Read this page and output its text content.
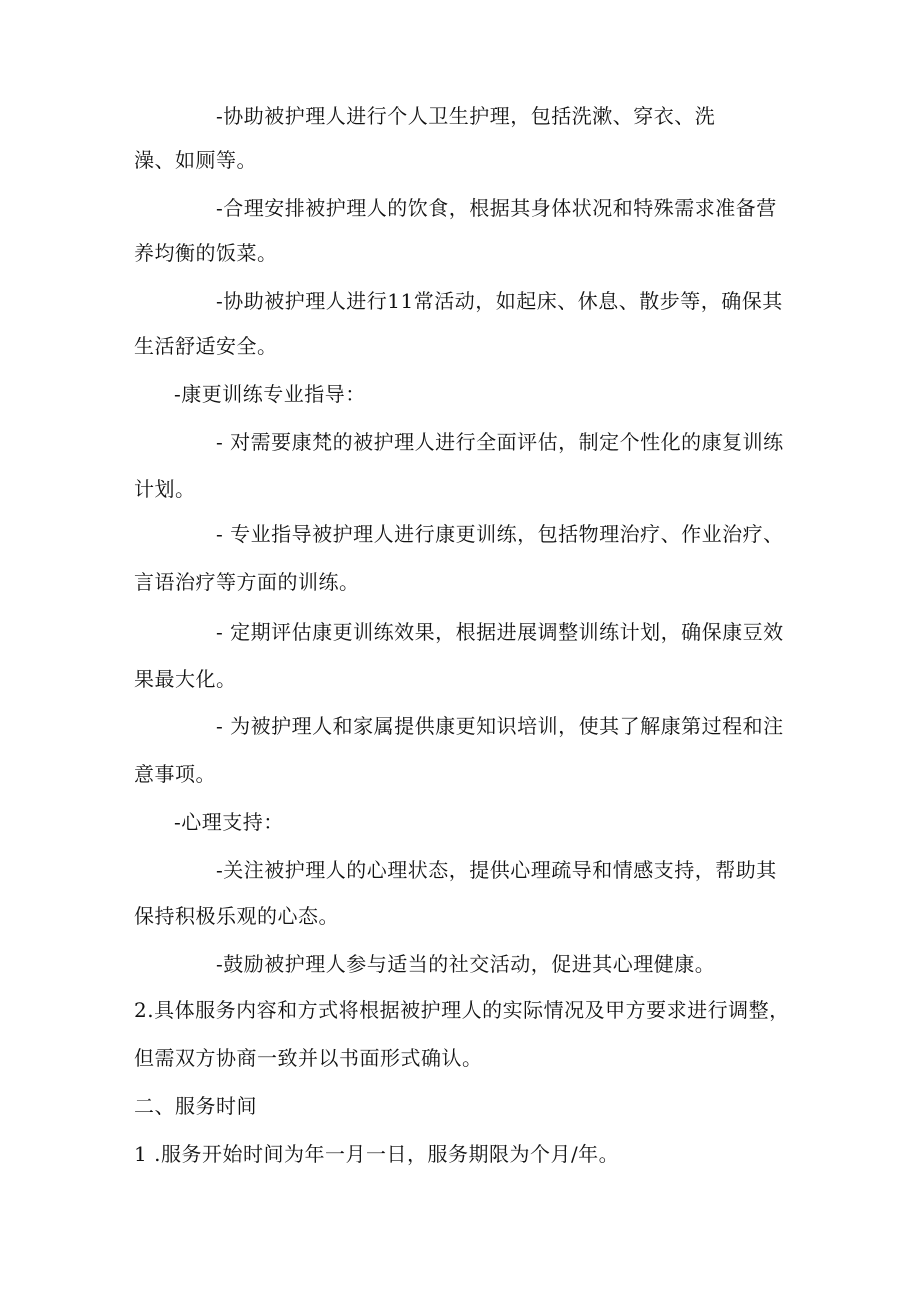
-协助被护理人进行个人卫生护理，包括洗漱、穿衣、洗
澡、如厕等。
-合理安排被护理人的饮食，根据其身体状况和特殊需求准备营
养均衡的饭菜。
-协助被护理人进行11常活动，如起床、休息、散步等，确保其
生活舒适安全。
-康更训练专业指导：
- 对需要康梵的被护理人进行全面评估，制定个性化的康复训练
计划。
- 专业指导被护理人进行康更训练，包括物理治疗、作业治疗、
言语治疗等方面的训练。
- 定期评估康更训练效果，根据进展调整训练计划，确保康豆效
果最大化。
- 为被护理人和家属提供康更知识培训，使其了解康第过程和注
意事项。
-心理支持：
-关注被护理人的心理状态，提供心理疏导和情感支持，帮助其
保持积极乐观的心态。
-鼓励被护理人参与适当的社交活动，促进其心理健康。
2.具体服务内容和方式将根据被护理人的实际情况及甲方要求进行调整，
但需双方协商一致并以书面形式确认。
二、服务时间
1 .服务开始时间为年一月一日，服务期限为个月/年。
